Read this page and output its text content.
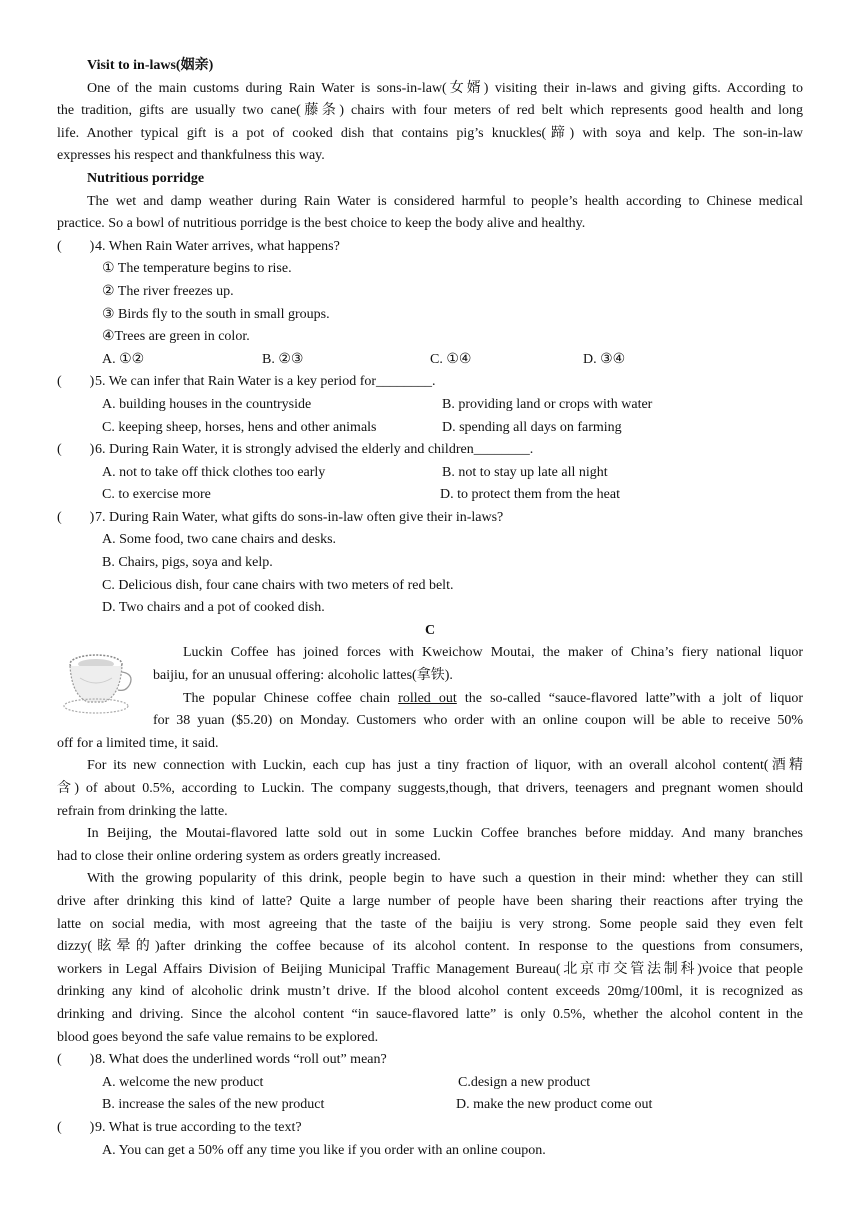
Visit to in-laws(姻亲)
One of the main customs during Rain Water is sons-in-law(女婿) visiting their in-laws and giving gifts. According to
the tradition, gifts are usually two cane(藤条) chairs with four meters of red belt which represents good health and long
life. Another typical gift is a pot of cooked dish that contains pig’s knuckles(蹄) with soya and kelp. The son-in-law
expresses his respect and thankfulness this way.
Nutritious porridge
The wet and damp weather during Rain Water is considered harmful to people’s health according to Chinese medical
practice. So a bowl of nutritious porridge is the best choice to keep the body alive and healthy.
(        ) 4. When Rain Water arrives, what happens?
① The temperature begins to rise.
② The river freezes up.
③ Birds fly to the south in small groups.
④Trees are green in color.
A. ①②	B. ②③	C. ①④	D. ③④
(        ) 5. We can infer that Rain Water is a key period for________.
A. building houses in the countryside	B. providing land or crops with water
C. keeping sheep, horses, hens and other animals	D. spending all days on farming
(        ) 6. During Rain Water, it is strongly advised the elderly and children________.
A. not to take off thick clothes too early	B. not to stay up late all night
C. to exercise more	D. to protect them from the heat
(        ) 7. During Rain Water, what gifts do sons-in-law often give their in-laws?
A. Some food, two cane chairs and desks.
B. Chairs, pigs, soya and kelp.
C. Delicious dish, four cane chairs with two meters of red belt.
D. Two chairs and a pot of cooked dish.
C
Luckin Coffee has joined forces with Kweichow Moutai, the maker of China’s fiery national liquor
baijiu, for an unusual offering: alcoholic lattes(拿铁).
The popular Chinese coffee chain rolled out the so-called “sauce-flavored latte”with a jolt of liquor
for 38 yuan ($5.20) on Monday. Customers who order with an online coupon will be able to receive 50%
off for a limited time, it said.
For its new connection with Luckin, each cup has just a tiny fraction of liquor, with an overall alcohol content(酒精
含) of about 0.5%, according to Luckin. The company suggests,though, that drivers, teenagers and pregnant women should
refrain from drinking the latte.
In Beijing, the Moutai-flavored latte sold out in some Luckin Coffee branches before midday. And many branches
had to close their online ordering system as orders greatly increased.
With the growing popularity of this drink, people begin to have such a question in their mind: whether they can still
drive after drinking this kind of latte? Quite a large number of people have been sharing their reactions after trying the
latte on social media, with most agreeing that the taste of the baijiu is very strong. Some people said they even felt
dizzy(眩晕的)after drinking the coffee because of its alcohol content. In response to the questions from consumers,
workers in Legal Affairs Division of Beijing Municipal Traffic Management Bureau(北京市交管法制科)voice that people
drinking any kind of alcoholic drink mustn’t drive. If the blood alcohol content exceeds 20mg/100ml, it is recognized as
drinking and driving. Since the alcohol content “in sauce-flavored latte” is only 0.5%, whether the alcohol content in the
blood goes beyond the safe value remains to be explored.
(        ) 8. What does the underlined words “roll out” mean?
A. welcome the new product	C.design a new product
B. increase the sales of the new product	D. make the new product come out
(        ) 9. What is true according to the text?
A. You can get a 50% off any time you like if you order with an online coupon.
